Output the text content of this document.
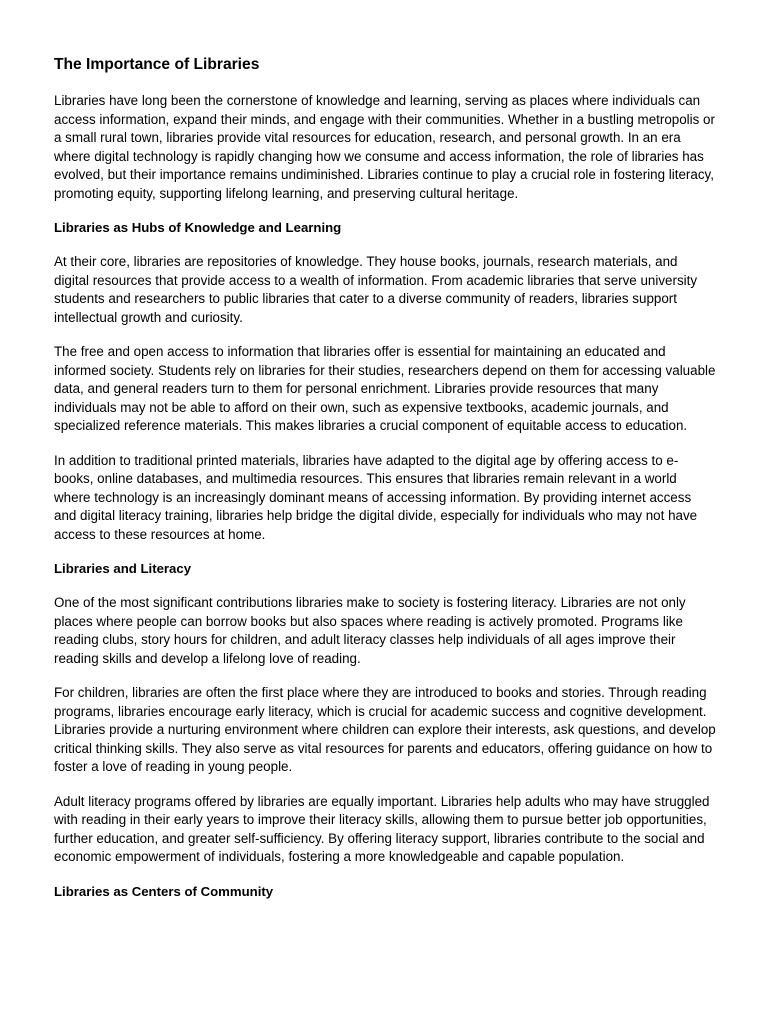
The Importance of Libraries

Libraries have long been the cornerstone of knowledge and learning, serving as places where individuals can access information, expand their minds, and engage with their communities. Whether in a bustling metropolis or a small rural town, libraries provide vital resources for education, research, and personal growth. In an era where digital technology is rapidly changing how we consume and access information, the role of libraries has evolved, but their importance remains undiminished. Libraries continue to play a crucial role in fostering literacy, promoting equity, supporting lifelong learning, and preserving cultural heritage.

Libraries as Hubs of Knowledge and Learning

At their core, libraries are repositories of knowledge. They house books, journals, research materials, and digital resources that provide access to a wealth of information. From academic libraries that serve university students and researchers to public libraries that cater to a diverse community of readers, libraries support intellectual growth and curiosity.

The free and open access to information that libraries offer is essential for maintaining an educated and informed society. Students rely on libraries for their studies, researchers depend on them for accessing valuable data, and general readers turn to them for personal enrichment. Libraries provide resources that many individuals may not be able to afford on their own, such as expensive textbooks, academic journals, and specialized reference materials. This makes libraries a crucial component of equitable access to education.

In addition to traditional printed materials, libraries have adapted to the digital age by offering access to e-books, online databases, and multimedia resources. This ensures that libraries remain relevant in a world where technology is an increasingly dominant means of accessing information. By providing internet access and digital literacy training, libraries help bridge the digital divide, especially for individuals who may not have access to these resources at home.

Libraries and Literacy

One of the most significant contributions libraries make to society is fostering literacy. Libraries are not only places where people can borrow books but also spaces where reading is actively promoted. Programs like reading clubs, story hours for children, and adult literacy classes help individuals of all ages improve their reading skills and develop a lifelong love of reading.

For children, libraries are often the first place where they are introduced to books and stories. Through reading programs, libraries encourage early literacy, which is crucial for academic success and cognitive development. Libraries provide a nurturing environment where children can explore their interests, ask questions, and develop critical thinking skills. They also serve as vital resources for parents and educators, offering guidance on how to foster a love of reading in young people.

Adult literacy programs offered by libraries are equally important. Libraries help adults who may have struggled with reading in their early years to improve their literacy skills, allowing them to pursue better job opportunities, further education, and greater self-sufficiency. By offering literacy support, libraries contribute to the social and economic empowerment of individuals, fostering a more knowledgeable and capable population.

Libraries as Centers of Community
